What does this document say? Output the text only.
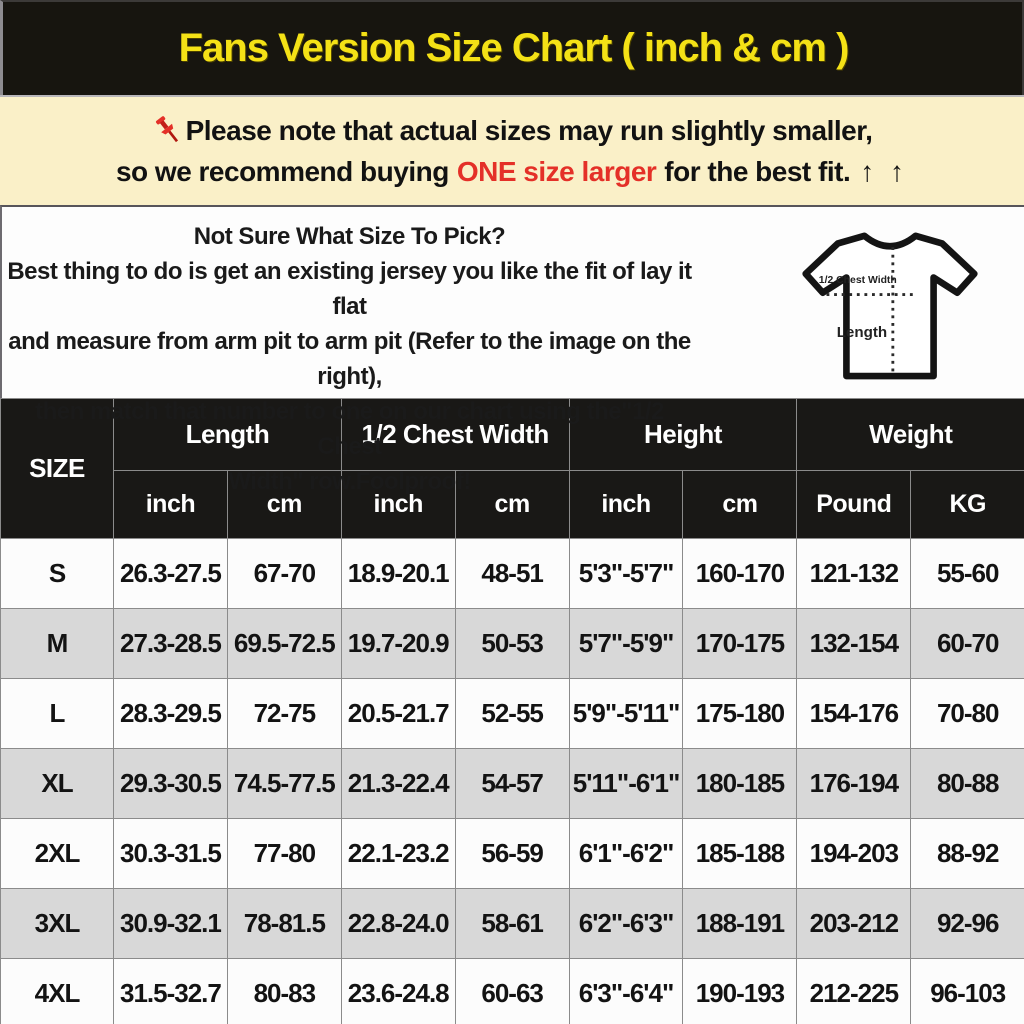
Fans Version Size Chart ( inch & cm )
Please note that actual sizes may run slightly smaller,
so we recommend buying ONE size larger for the best fit. ↑ ↑
Not Sure What Size To Pick?
Best thing to do is get an existing jersey you like the fit of lay it flat
and measure from arm pit to arm pit (Refer to the image on the right),
then match that number to one on our chart using the"1/2 Chest
Width" row.Foolproof!
1/2 Chest Width
Length
SIZE	Length		1/2 Chest Width		Height		Weight	
	inch	cm	inch	cm	inch	cm	Pound	KG
S	26.3-27.5	67-70	18.9-20.1	48-51	5'3"-5'7"	160-170	121-132	55-60
M	27.3-28.5	69.5-72.5	19.7-20.9	50-53	5'7"-5'9"	170-175	132-154	60-70
L	28.3-29.5	72-75	20.5-21.7	52-55	5'9"-5'11"	175-180	154-176	70-80
XL	29.3-30.5	74.5-77.5	21.3-22.4	54-57	5'11"-6'1"	180-185	176-194	80-88
2XL	30.3-31.5	77-80	22.1-23.2	56-59	6'1"-6'2"	185-188	194-203	88-92
3XL	30.9-32.1	78-81.5	22.8-24.0	58-61	6'2"-6'3"	188-191	203-212	92-96
4XL	31.5-32.7	80-83	23.6-24.8	60-63	6'3"-6'4"	190-193	212-225	96-103
